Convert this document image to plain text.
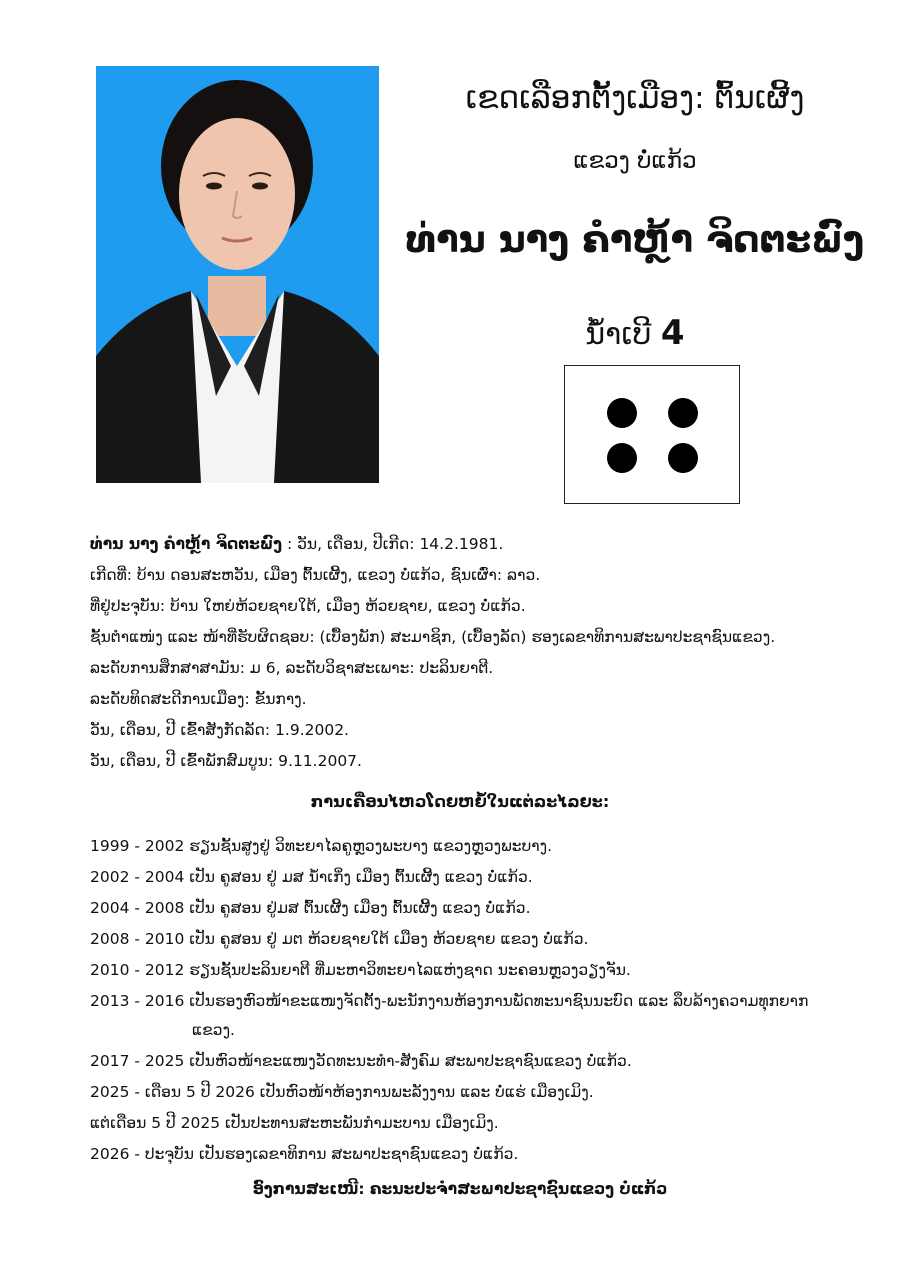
ເຂດເລືອກຕັ້ງເມືອງ: ຕົ້ນເຜີ້ງ
ແຂວງ ບໍ່ແກ້ວ
ທ່ານ ນາງ ຄໍາຫຼ້າ ຈິດຕະພົງ
ນໍ້າເບີ 4
ທ່ານ ນາງ ຄໍາຫຼ້າ ຈິດຕະພົງ : ວັນ, ເດືອນ, ປີເກີດ: 14.2.1981.
ເກີດທີ່: ບ້ານ ດອນສະຫວັນ, ເມືອງ ຕົ້ນເຜີ້ງ, ແຂວງ ບໍ່ແກ້ວ, ຊົນເຜົ່າ: ລາວ.
ທີ່ຢູ່ປະຈຸບັນ: ບ້ານ ໃຫຍ່ຫ້ວຍຊາຍໃຕ້, ເມືອງ ຫ້ວຍຊາຍ, ແຂວງ ບໍ່ແກ້ວ.
ຊັ້ນຕໍາແໜ່ງ ແລະ ໜ້າທີ່ຮັບຜິດຊອບ: (ເບື້ອງພັກ) ສະມາຊິກ, (ເບື້ອງລັດ) ຮອງເລຂາທິການສະພາປະຊາຊົນແຂວງ.
ລະດັບການສຶກສາສາມັນ: ມ 6, ລະດັບວິຊາສະເພາະ: ປະລິນຍາຕີ.
ລະດັບທິດສະດີການເມືອງ: ຂັ້ນກາງ.
ວັນ, ເດືອນ, ປີ ເຂົ້າສັງກັດລັດ: 1.9.2002.
ວັນ, ເດືອນ, ປີ ເຂົ້າພັກສົມບູນ: 9.11.2007.
ການເຄື່ອນໄຫວໂດຍຫຍໍ້ໃນແຕ່ລະໄລຍະ:
1999 - 2002 ຮຽນຊັ້ນສູງຢູ່ ວິທະຍາໄລຄູຫຼວງພະບາງ ແຂວງຫຼວງພະບາງ.
2002 - 2004 ເປັນ ຄູສອນ ຢູ່ ມສ ນໍ້າເກິ່ງ ເມືອງ ຕົ້ນເຜີ້ງ ແຂວງ ບໍ່ແກ້ວ.
2004 - 2008 ເປັນ ຄູສອນ ຢູ່ມສ ຕົ້ນເຜີ້ງ ເມືອງ ຕົ້ນເຜີ້ງ ແຂວງ ບໍ່ແກ້ວ.
2008 - 2010 ເປັນ ຄູສອນ ຢູ່ ມຕ ຫ້ວຍຊາຍໃຕ້ ເມືອງ ຫ້ວຍຊາຍ ແຂວງ ບໍ່ແກ້ວ.
2010 - 2012 ຮຽນຊັ້ນປະລິນຍາຕີ ທີ່ມະຫາວິທະຍາໄລແຫ່ງຊາດ ນະຄອນຫຼວງວຽງຈັນ.
2013 - 2016 ເປັນຮອງຫົວໜ້າຂະແໜງຈັດຕັ້ງ-ພະນັກງານຫ້ອງການພັດທະນາຊົນນະບົດ ແລະ ລຶບລ້າງຄວາມທຸກຍາກ
ແຂວງ.
2017 - 2025 ເປັນຫົວໜ້າຂະແໜງວັດທະນະທໍາ-ສັງຄົມ ສະພາປະຊາຊົນແຂວງ ບໍ່ແກ້ວ.
2025 - ເດືອນ 5 ປີ 2026 ເປັນຫົວໜ້າຫ້ອງການພະລັງງານ ແລະ ບໍ່ແຮ່ ເມືອງເມິງ.
ແຕ່ເດືອນ 5 ປີ 2025 ເປັນປະທານສະຫະພັນກໍາມະບານ ເມືອງເມິງ.
2026 - ປະຈຸບັນ ເປັນຮອງເລຂາທິການ ສະພາປະຊາຊົນແຂວງ ບໍ່ແກ້ວ.
ອົງການສະເໜີ: ຄະນະປະຈໍາສະພາປະຊາຊົນແຂວງ ບໍ່ແກ້ວ
